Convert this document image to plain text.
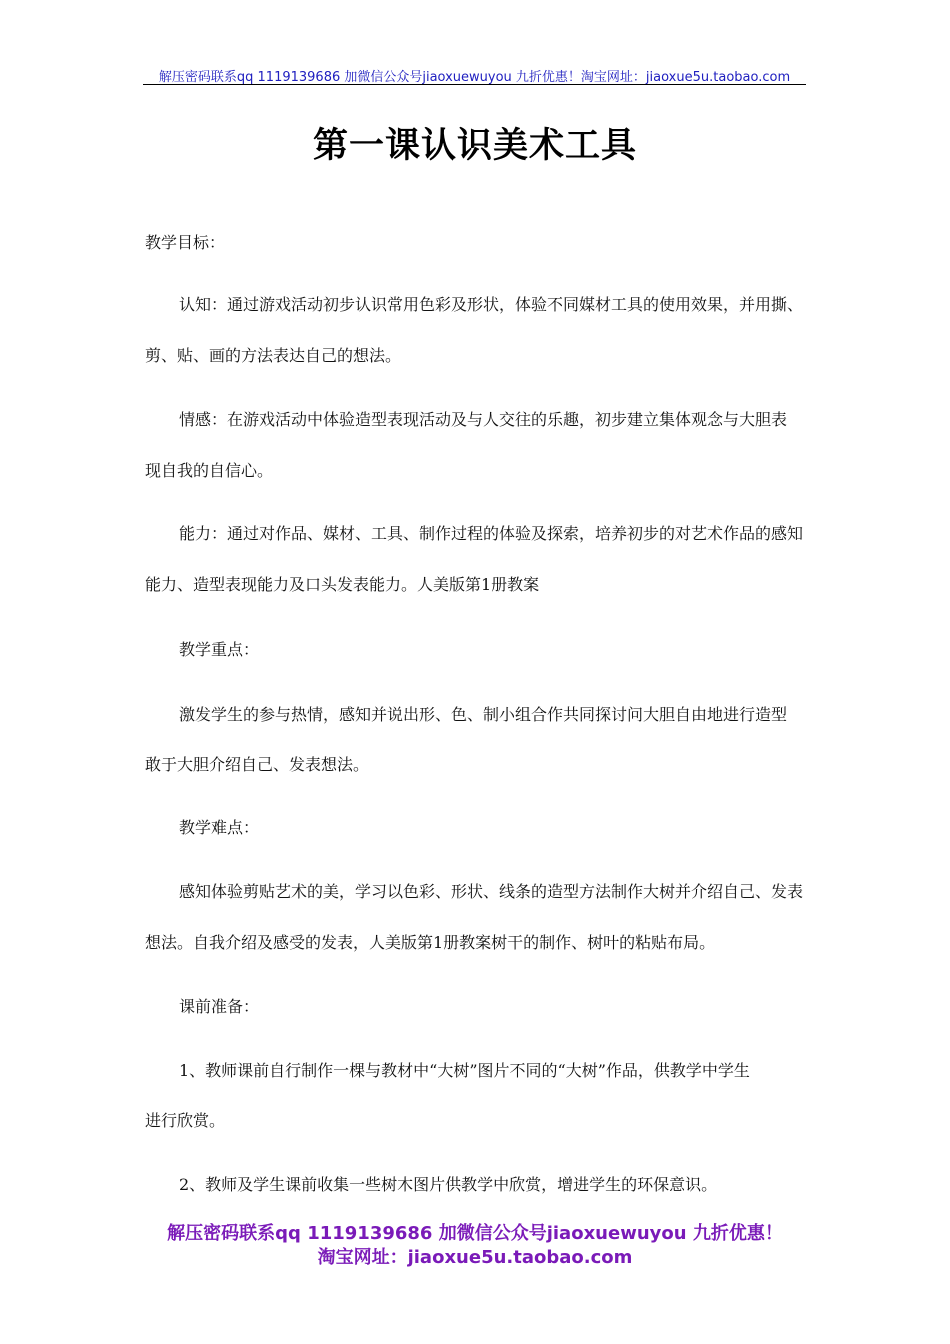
解压密码联系qq 1119139686 加微信公众号jiaoxuewuyou 九折优惠！淘宝网址：jiaoxue5u.taobao.com
第一课认识美术工具
教学目标：
认知：通过游戏活动初步认识常用色彩及形状，体验不同媒材工具的使用效果，并用撕、
剪、贴、画的方法表达自己的想法。
情感：在游戏活动中体验造型表现活动及与人交往的乐趣，初步建立集体观念与大胆表
现自我的自信心。
能力：通过对作品、媒材、工具、制作过程的体验及探索，培养初步的对艺术作品的感知
能力、造型表现能力及口头发表能力。人美版第1册教案
教学重点：
激发学生的参与热情，感知并说出形、色、制小组合作共同探讨问大胆自由地进行造型
敢于大胆介绍自己、发表想法。
教学难点：
感知体验剪贴艺术的美，学习以色彩、形状、线条的造型方法制作大树并介绍自己、发表
想法。自我介绍及感受的发表，人美版第1册教案树干的制作、树叶的粘贴布局。
课前准备：
1、教师课前自行制作一棵与教材中“大树”图片不同的“大树”作品，供教学中学生
进行欣赏。
2、教师及学生课前收集一些树木图片供教学中欣赏，增进学生的环保意识。
解压密码联系qq 1119139686 加微信公众号jiaoxuewuyou 九折优惠！
淘宝网址：jiaoxue5u.taobao.com
